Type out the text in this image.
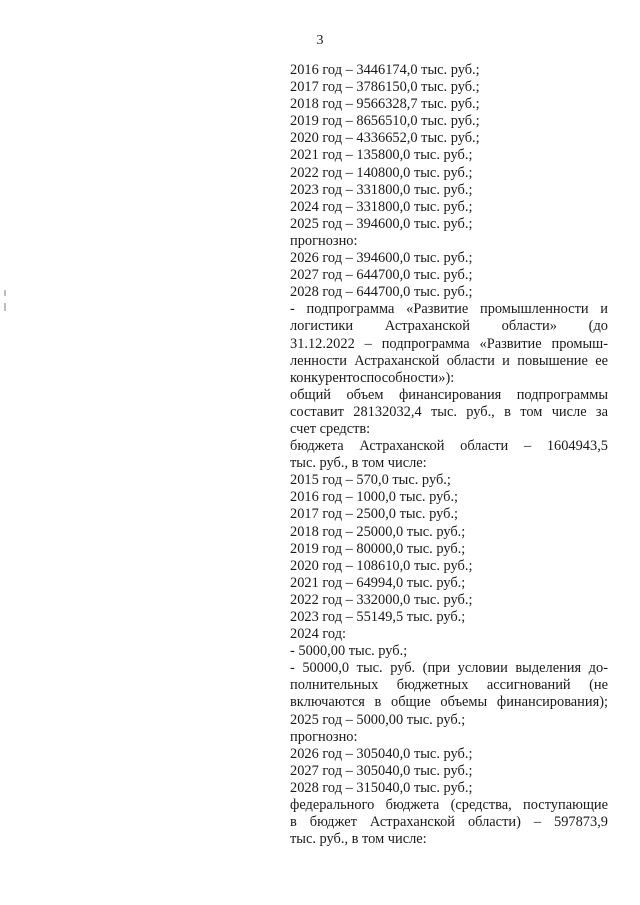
3
2016 год – 3446174,0 тыс. руб.;
2017 год – 3786150,0 тыс. руб.;
2018 год – 9566328,7 тыс. руб.;
2019 год – 8656510,0 тыс. руб.;
2020 год – 4336652,0 тыс. руб.;
2021 год – 135800,0 тыс. руб.;
2022 год – 140800,0 тыс. руб.;
2023 год – 331800,0 тыс. руб.;
2024 год – 331800,0 тыс. руб.;
2025 год – 394600,0 тыс. руб.;
прогнозно:
2026 год – 394600,0 тыс. руб.;
2027 год – 644700,0 тыс. руб.;
2028 год – 644700,0 тыс. руб.;
- подпрограмма «Развитие промышленности и
логистики Астраханской области» (до
31.12.2022 – подпрограмма «Развитие промыш-
ленности Астраханской области и повышение ее
конкурентоспособности»):
общий объем финансирования подпрограммы
составит 28132032,4 тыс. руб., в том числе за
счет средств:
бюджета Астраханской области – 1604943,5
тыс. руб., в том числе:
2015 год – 570,0 тыс. руб.;
2016 год – 1000,0 тыс. руб.;
2017 год – 2500,0 тыс. руб.;
2018 год – 25000,0 тыс. руб.;
2019 год – 80000,0 тыс. руб.;
2020 год – 108610,0 тыс. руб.;
2021 год – 64994,0 тыс. руб.;
2022 год – 332000,0 тыс. руб.;
2023 год – 55149,5 тыс. руб.;
2024 год:
- 5000,00 тыс. руб.;
- 50000,0 тыс. руб. (при условии выделения до-
полнительных бюджетных ассигнований (не
включаются в общие объемы финансирования);
2025 год – 5000,00 тыс. руб.;
прогнозно:
2026 год – 305040,0 тыс. руб.;
2027 год – 305040,0 тыс. руб.;
2028 год – 315040,0 тыс. руб.;
федерального бюджета (средства, поступающие
в бюджет Астраханской области) – 597873,9
тыс. руб., в том числе:
